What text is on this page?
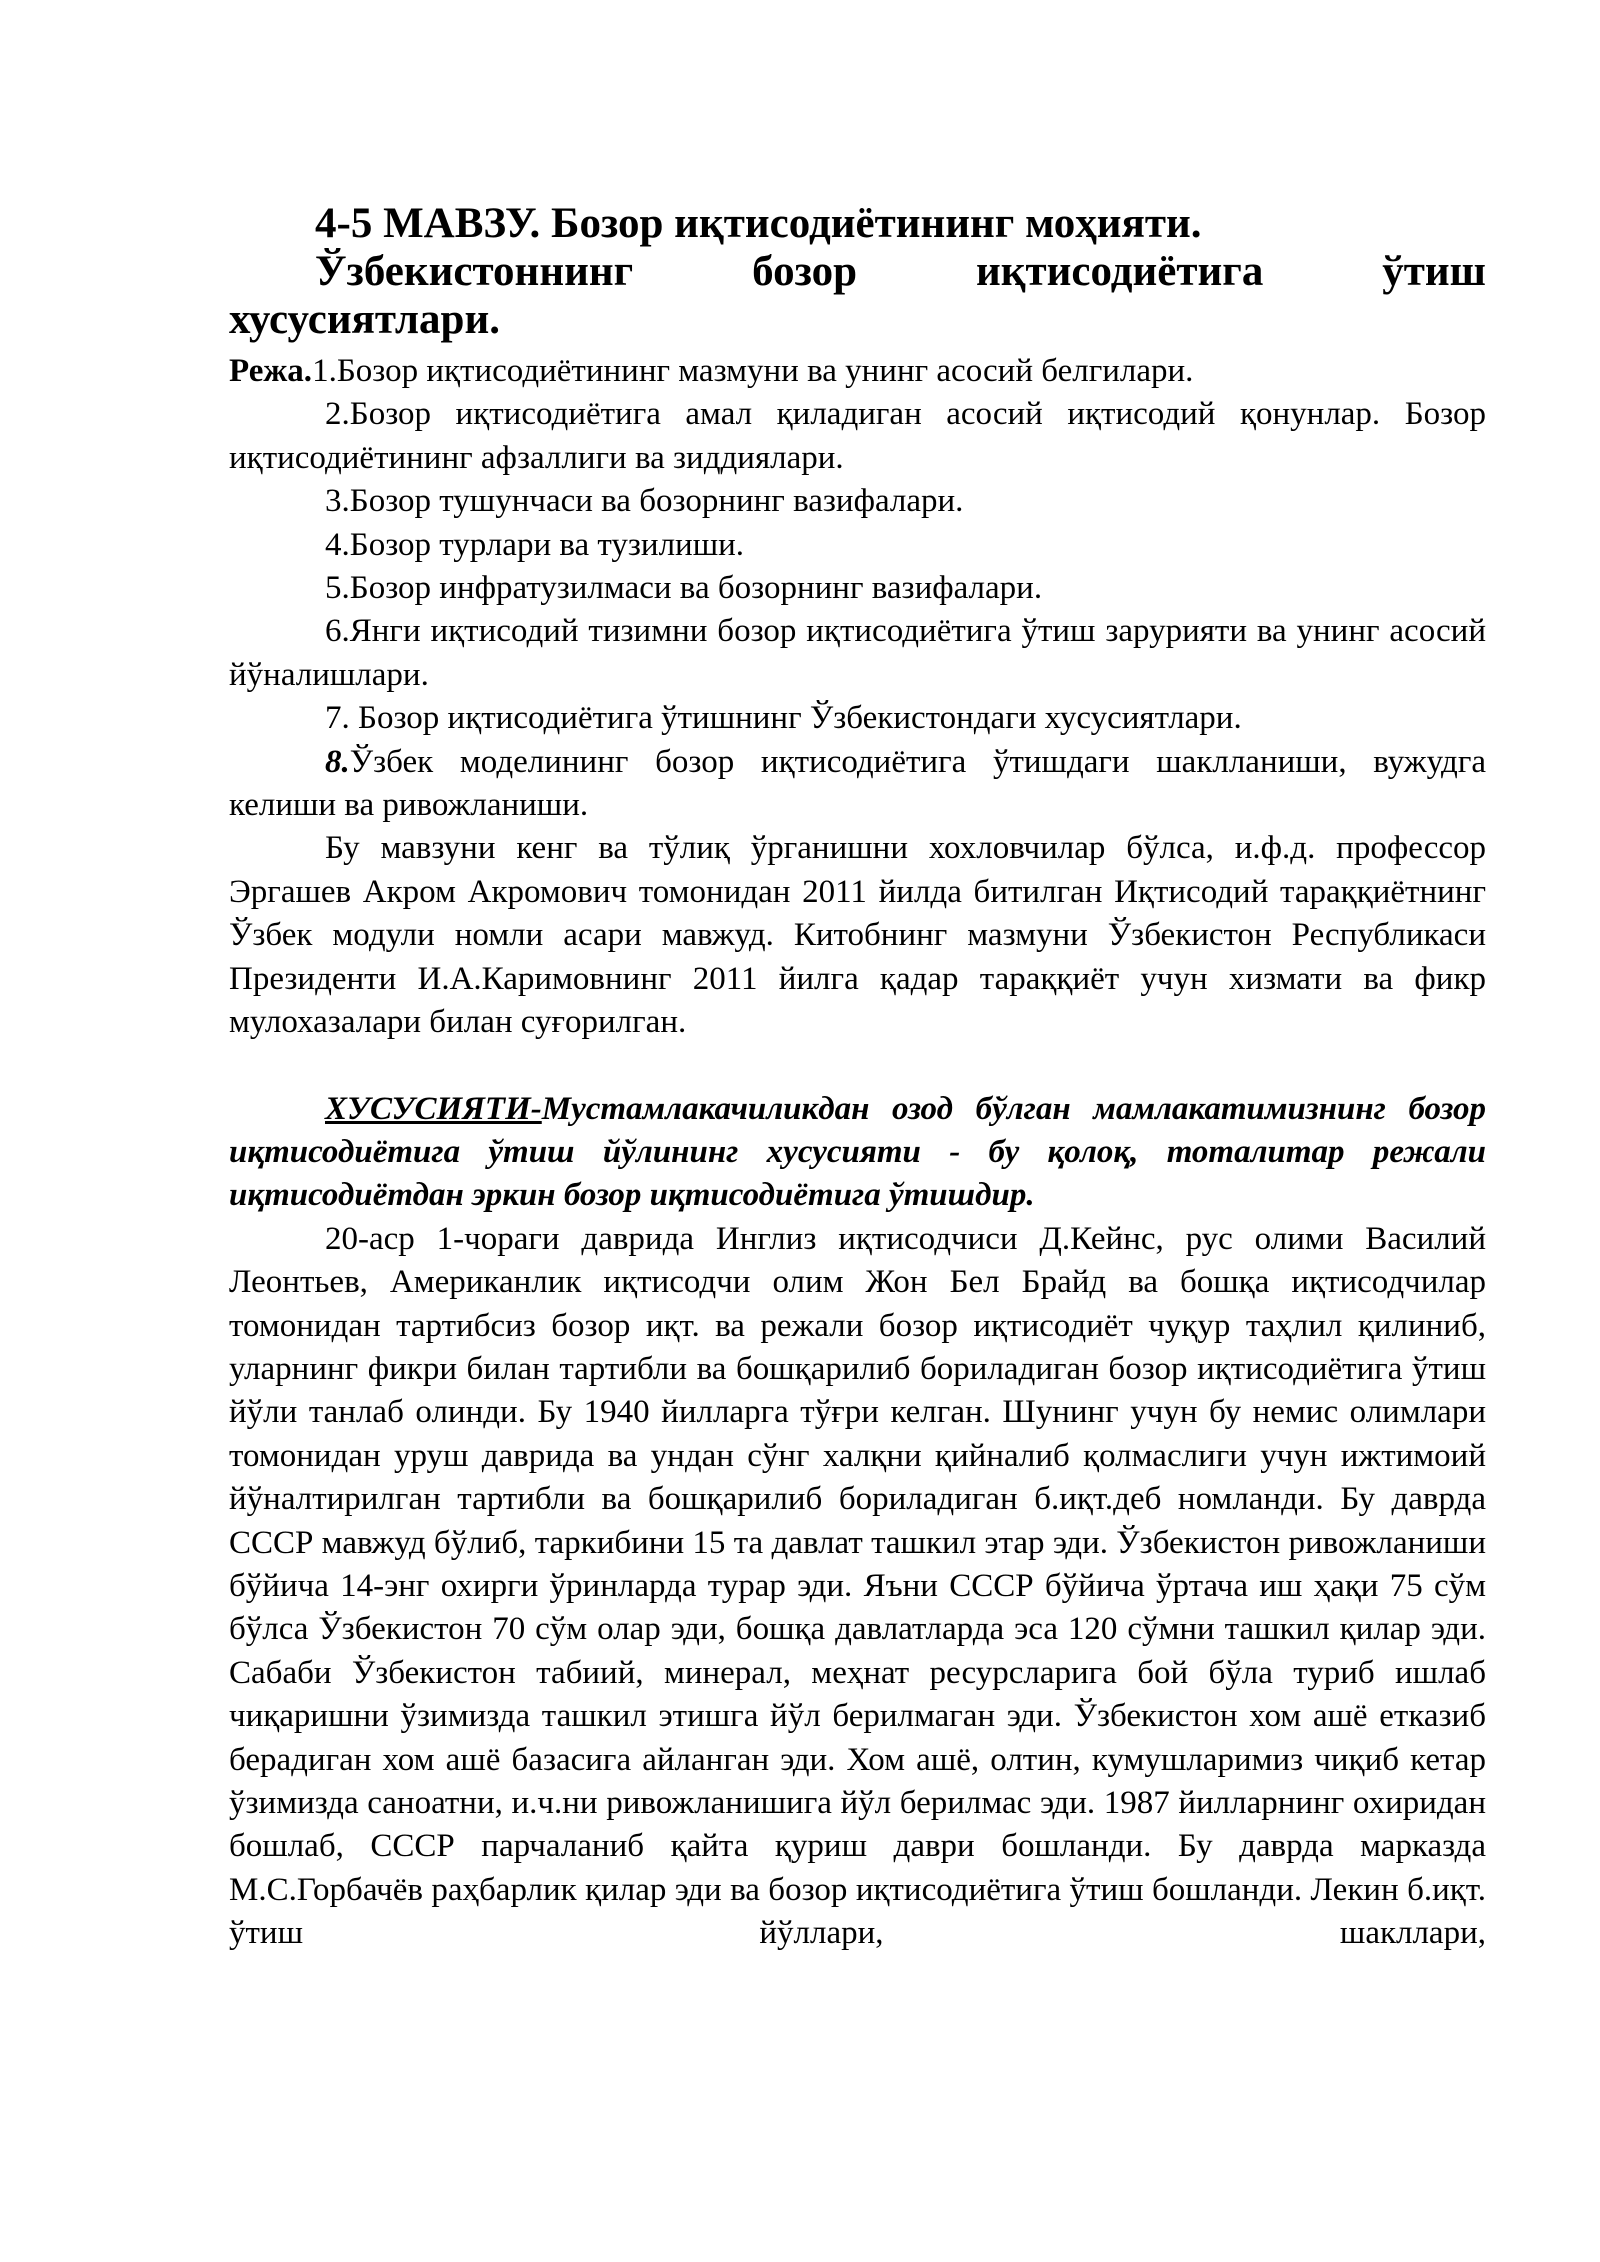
4-5 МАВЗУ. Бозор иқтисодиётининг моҳияти.
Ўзбекистоннинг бозор иқтисодиётига ўтиш
хусусиятлари.

Режа.1.Бозор иқтисодиётининг мазмуни ва унинг асосий белгилари.

2.Бозор иқтисодиётига амал қиладиган асосий иқтисодий қонунлар. Бозор иқтисодиётининг афзаллиги ва зиддиялари.

3.Бозор тушунчаси ва бозорнинг вазифалари.

4.Бозор турлари ва тузилиши.

5.Бозор инфратузилмаси ва бозорнинг вазифалари.

6.Янги иқтисодий тизимни бозор иқтисодиётига ўтиш зарурияти ва унинг асосий йўналишлари.

7. Бозор иқтисодиётига ўтишнинг Ўзбекистондаги хусусиятлари.

8.Ўзбек моделининг бозор иқтисодиётига ўтишдаги шаклланиши, вужудга келиши ва ривожланиши.

Бу мавзуни кенг ва тўлиқ ўрганишни хохловчилар бўлса, и.ф.д. профессор Эргашев Акром Акромович томонидан 2011 йилда битилган Иқтисодий тараққиётнинг Ўзбек модули номли асари мавжуд. Китобнинг мазмуни Ўзбекистон Республикаси Президенти И.А.Каримовнинг 2011 йилга қадар тараққиёт учун хизмати ва фикр мулохазалари билан суғорилган.

ХУСУСИЯТИ-Мустамлакачиликдан озод бўлган мамлакатимизнинг бозор иқтисодиётига ўтиш йўлининг хусусияти - бу қолоқ, тоталитар режали иқтисодиётдан эркин бозор иқтисодиётига ўтишдир.

20-аср 1-чораги даврида Инглиз иқтисодчиси Д.Кейнс, рус олими Василий Леонтьев, Американлик иқтисодчи олим Жон Бел Брайд ва бошқа иқтисодчилар томонидан тартибсиз бозор иқт. ва режали бозор иқтисодиёт чуқур таҳлил қилиниб, уларнинг фикри билан тартибли ва бошқарилиб бориладиган бозор иқтисодиётига ўтиш йўли танлаб олинди. Бу 1940 йилларга тўғри келган. Шунинг учун бу немис олимлари томонидан уруш даврида ва ундан сўнг халқни қийналиб қолмаслиги учун ижтимоий йўналтирилган тартибли ва бошқарилиб бориладиган б.иқт.деб номланди. Бу даврда СССР мавжуд бўлиб, таркибини 15 та давлат ташкил этар эди. Ўзбекистон ривожланиши бўйича 14-энг охирги ўринларда турар эди. Яъни СССР бўйича ўртача иш ҳақи 75 сўм бўлса Ўзбекистон 70 сўм олар эди, бошқа давлатларда эса 120 сўмни ташкил қилар эди. Сабаби Ўзбекистон табиий, минерал, меҳнат ресурсларига бой бўла туриб ишлаб чиқаришни ўзимизда ташкил этишга йўл берилмаган эди. Ўзбекистон хом ашё етказиб берадиган хом ашё базасига айланган эди. Хом ашё, олтин, кумушларимиз чиқиб кетар ўзимизда саноатни, и.ч.ни ривожланишига йўл берилмас эди. 1987 йилларнинг охиридан бошлаб, СССР парчаланиб қайта қуриш даври бошланди. Бу даврда марказда М.С.Горбачёв раҳбарлик қилар эди ва бозор иқтисодиётига ўтиш бошланди. Лекин б.иқт. ўтиш йўллари, шакллари,
